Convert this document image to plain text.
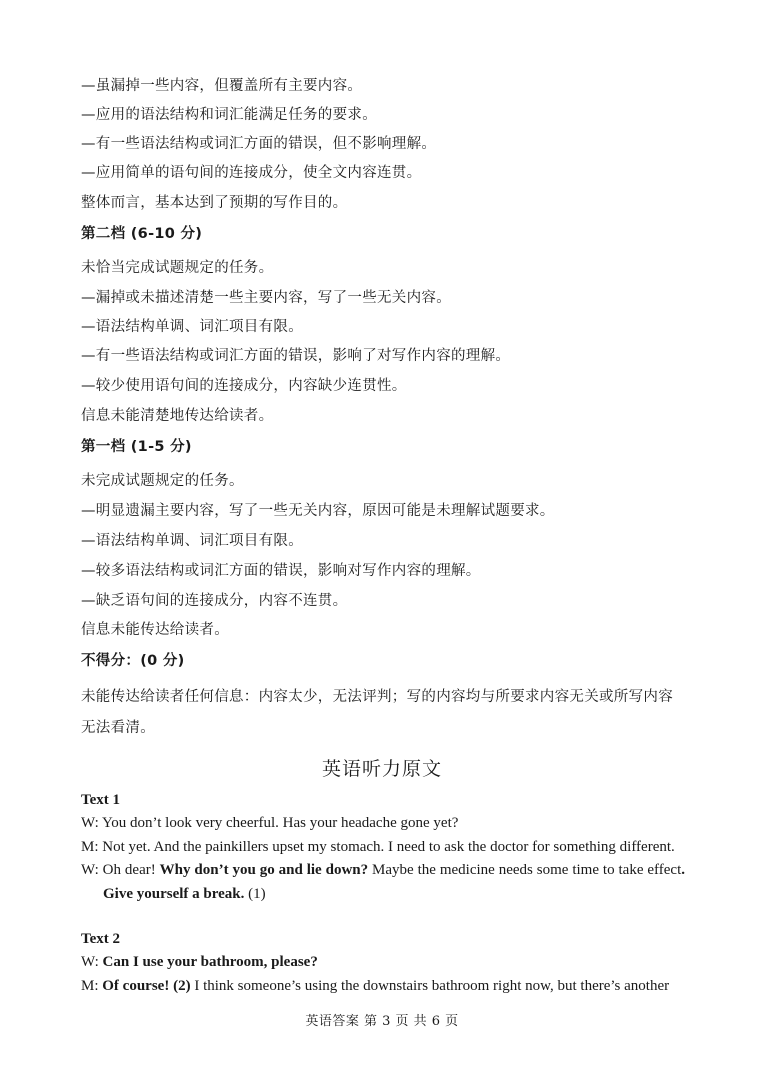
—虽漏掉一些内容，但覆盖所有主要内容。
—应用的语法结构和词汇能满足任务的要求。
—有一些语法结构或词汇方面的错误，但不影响理解。
—应用简单的语句间的连接成分，使全文内容连贯。
整体而言，基本达到了预期的写作目的。
第二档 (6-10 分)
未恰当完成试题规定的任务。
—漏掉或未描述清楚一些主要内容，写了一些无关内容。
—语法结构单调、词汇项目有限。
—有一些语法结构或词汇方面的错误，影响了对写作内容的理解。
—较少使用语句间的连接成分，内容缺少连贯性。
信息未能清楚地传达给读者。
第一档 (1-5 分)
未完成试题规定的任务。
—明显遗漏主要内容，写了一些无关内容，原因可能是未理解试题要求。
—语法结构单调、词汇项目有限。
—较多语法结构或词汇方面的错误，影响对写作内容的理解。
—缺乏语句间的连接成分，内容不连贯。
信息未能传达给读者。
不得分：(0 分)
未能传达给读者任何信息：内容太少，无法评判；写的内容均与所要求内容无关或所写内容无法看清。
英语听力原文
Text 1
W: You don’t look very cheerful. Has your headache gone yet?
M: Not yet. And the painkillers upset my stomach. I need to ask the doctor for something different.
W: Oh dear! Why don’t you go and lie down? Maybe the medicine needs some time to take effect. Give yourself a break. (1)
Text 2
W: Can I use your bathroom, please?
M: Of course! (2) I think someone’s using the downstairs bathroom right now, but there’s another
英语答案 第 3 页 共 6 页
